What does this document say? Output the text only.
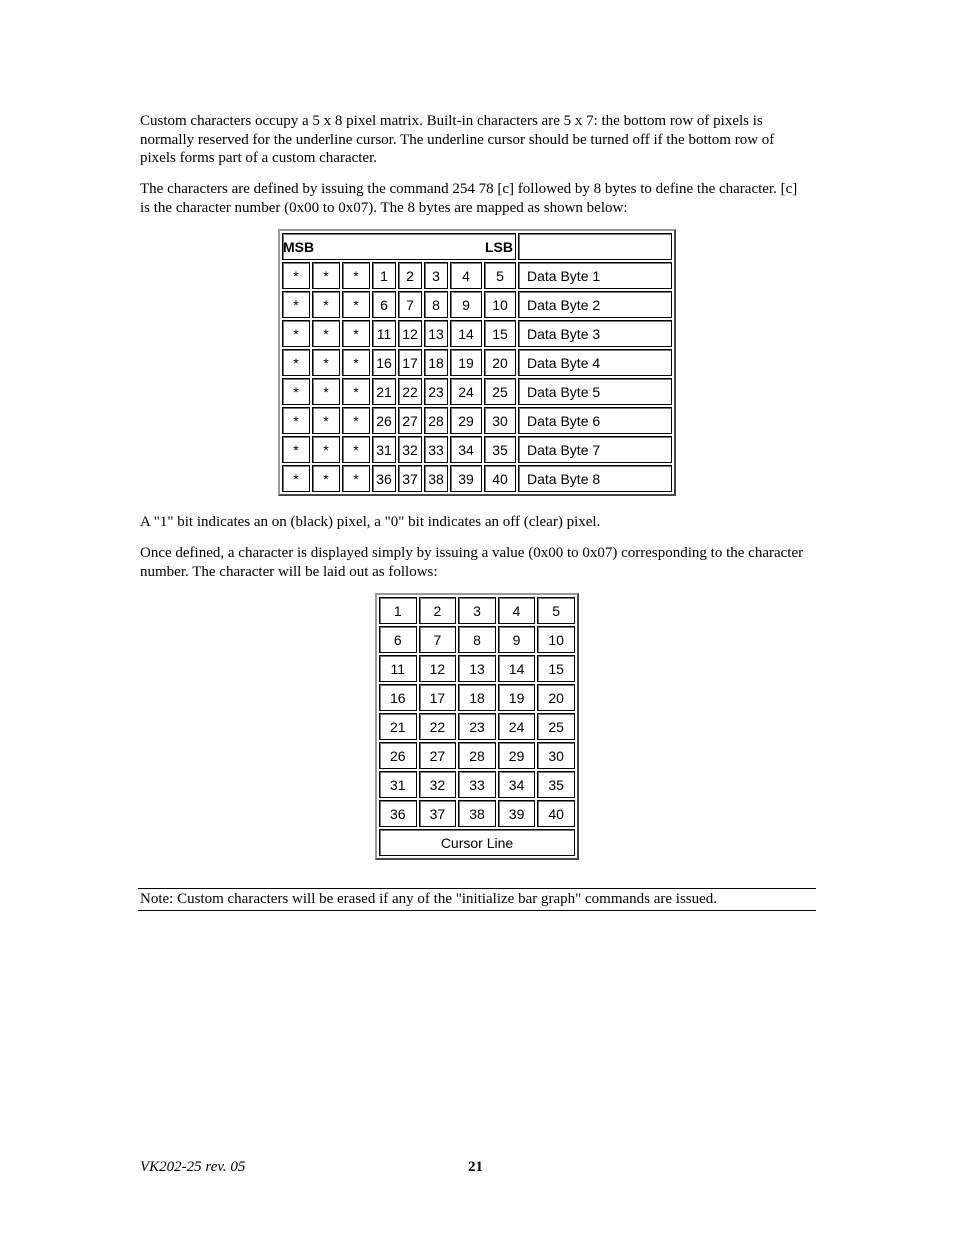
Custom characters occupy a 5 x 8 pixel matrix. Built-in characters are 5 x 7: the bottom row of pixels is normally reserved for the underline cursor. The underline cursor should be turned off if the bottom row of pixels forms part of a custom character.

The characters are defined by issuing the command 254 78 [c] followed by 8 bytes to define the character. [c] is the character number (0x00 to 0x07). The 8 bytes are mapped as shown below:

MSB LSB								

*	*	*	1	2	3	4	5	Data Byte 1
*	*	*	6	7	8	9	10	Data Byte 2
*	*	*	11	12	13	14	15	Data Byte 3
*	*	*	16	17	18	19	20	Data Byte 4
*	*	*	21	22	23	24	25	Data Byte 5
*	*	*	26	27	28	29	30	Data Byte 6
*	*	*	31	32	33	34	35	Data Byte 7
*	*	*	36	37	38	39	40	Data Byte 8

A "1" bit indicates an on (black) pixel, a "0" bit indicates an off (clear) pixel.

Once defined, a character is displayed simply by issuing a value (0x00 to 0x07) corresponding to the character number. The character will be laid out as follows:

1	2	3	4	5
6	7	8	9	10
11	12	13	14	15
16	17	18	19	20
21	22	23	24	25
26	27	28	29	30
31	32	33	34	35
36	37	38	39	40
Cursor Line				
Note: Custom characters will be erased if any of the "initialize bar graph" commands are issued.
VK202-25 rev. 05	21
